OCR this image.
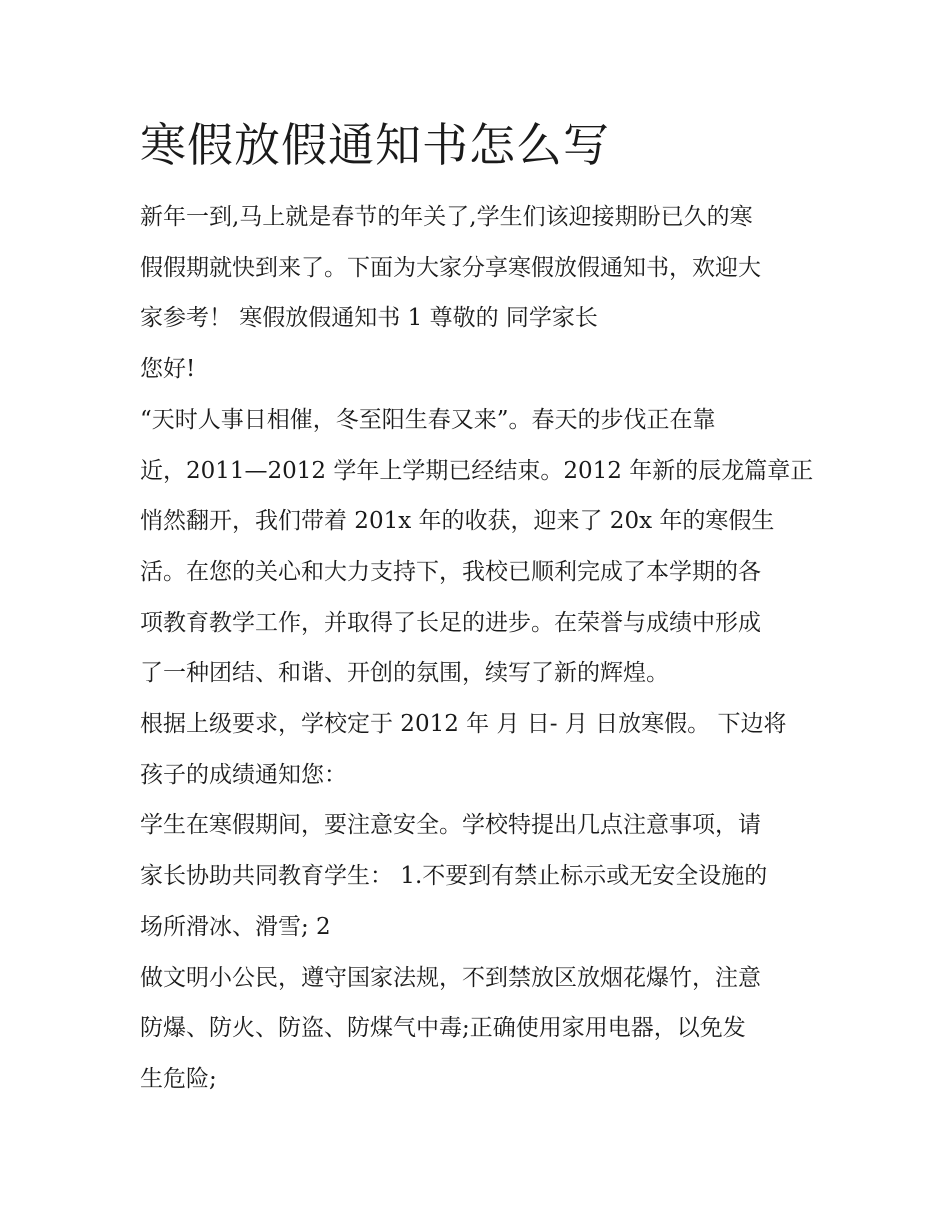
寒假放假通知书怎么写

新年一到,马上就是春节的年关了,学生们该迎接期盼已久的寒

假假期就快到来了。下面为大家分享寒假放假通知书，欢迎大

家参考！ 寒假放假通知书 1 尊敬的 同学家长

您好!

“天时人事日相催，冬至阳生春又来”。春天的步伐正在靠

近，2011—2012 学年上学期已经结束。2012 年新的辰龙篇章正

悄然翻开，我们带着 201x 年的收获，迎来了 20x 年的寒假生

活。在您的关心和大力支持下，我校已顺利完成了本学期的各

项教育教学工作，并取得了长足的进步。在荣誉与成绩中形成

了一种团结、和谐、开创的氛围，续写了新的辉煌。

根据上级要求，学校定于 2012 年 月 日- 月 日放寒假。 下边将

孩子的成绩通知您：

学生在寒假期间，要注意安全。学校特提出几点注意事项，请

家长协助共同教育学生： 1.不要到有禁止标示或无安全设施的

场所滑冰、滑雪; 2

做文明小公民，遵守国家法规，不到禁放区放烟花爆竹，注意

防爆、防火、防盗、防煤气中毒;正确使用家用电器，以免发

生危险;
